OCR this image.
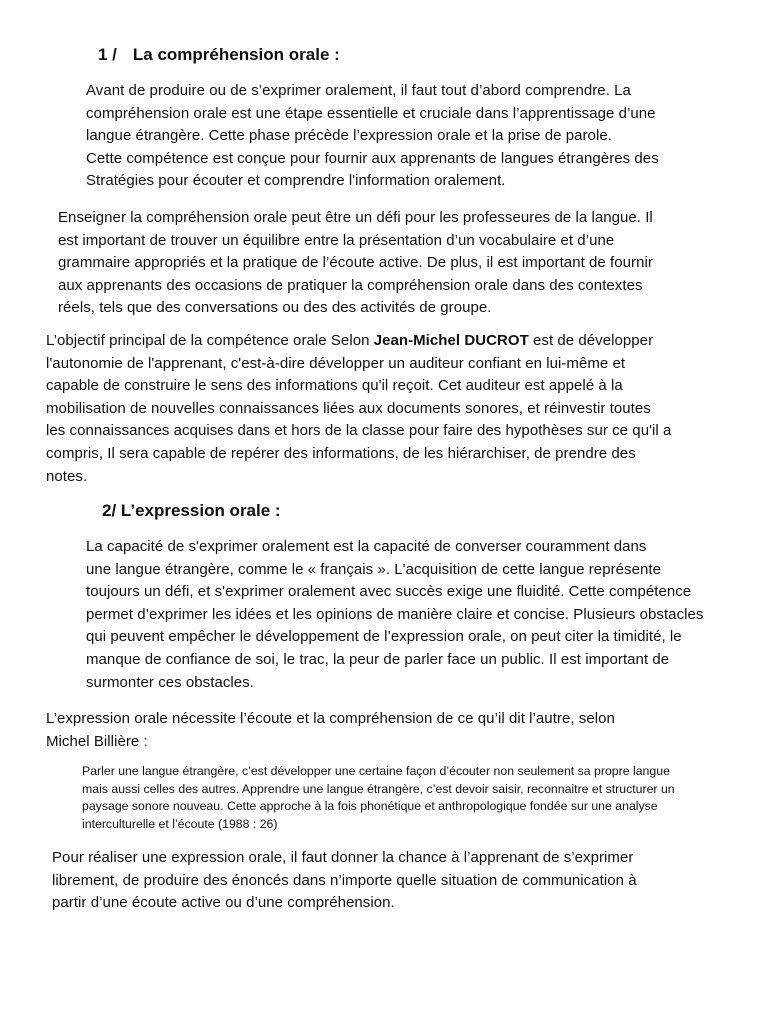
1 / La compréhension orale :

Avant de produire ou de s’exprimer oralement, il faut tout d’abord comprendre. La
compréhension orale est une étape essentielle et cruciale dans l’apprentissage d’une
langue étrangère. Cette phase précède l’expression orale et la prise de parole.
Cette compétence est conçue pour fournir aux apprenants de langues étrangères des
Stratégies pour écouter et comprendre l'information oralement.

Enseigner la compréhension orale peut être un défi pour les professeures de la langue. Il
est important de trouver un équilibre entre la présentation d’un vocabulaire et d’une
grammaire appropriés et la pratique de l’écoute active. De plus, il est important de fournir
aux apprenants des occasions de pratiquer la compréhension orale dans des contextes
réels, tels que des conversations ou des des activités de groupe.

L’objectif principal de la compétence orale Selon Jean-Michel DUCROT est de développer
l'autonomie de l'apprenant, c'est-à-dire développer un auditeur confiant en lui-même et
capable de construire le sens des informations qu'il reçoit. Cet auditeur est appelé à la
mobilisation de nouvelles connaissances liées aux documents sonores, et réinvestir toutes
les connaissances acquises dans et hors de la classe pour faire des hypothèses sur ce qu'il a
compris, Il sera capable de repérer des informations, de les hiérarchiser, de prendre des
notes.

2/ L’expression orale :

La capacité de s'exprimer oralement est la capacité de converser couramment dans
une langue étrangère, comme le « français ». L'acquisition de cette langue représente
toujours un défi, et s'exprimer oralement avec succès exige une fluidité. Cette compétence
permet d’exprimer les idées et les opinions de manière claire et concise. Plusieurs obstacles
qui peuvent empêcher le développement de l’expression orale, on peut citer la timidité, le
manque de confiance de soi, le trac, la peur de parler face un public. Il est important de
surmonter ces obstacles.

L’expression orale nécessite l’écoute et la compréhension de ce qu’il dit l’autre, selon
Michel Billière :

Parler une langue étrangère, c’est développer une certaine façon d’écouter non seulement sa propre langue
mais aussi celles des autres. Apprendre une langue étrangère, c’est devoir saisir, reconnaitre et structurer un
paysage sonore nouveau. Cette approche à la fois phonétique et anthropologique fondée sur une analyse
interculturelle et l’écoute (1988 : 26)

Pour réaliser une expression orale, il faut donner la chance à l’apprenant de s’exprimer
librement, de produire des énoncés dans n’importe quelle situation de communication à
partir d’une écoute active ou d’une compréhension.
